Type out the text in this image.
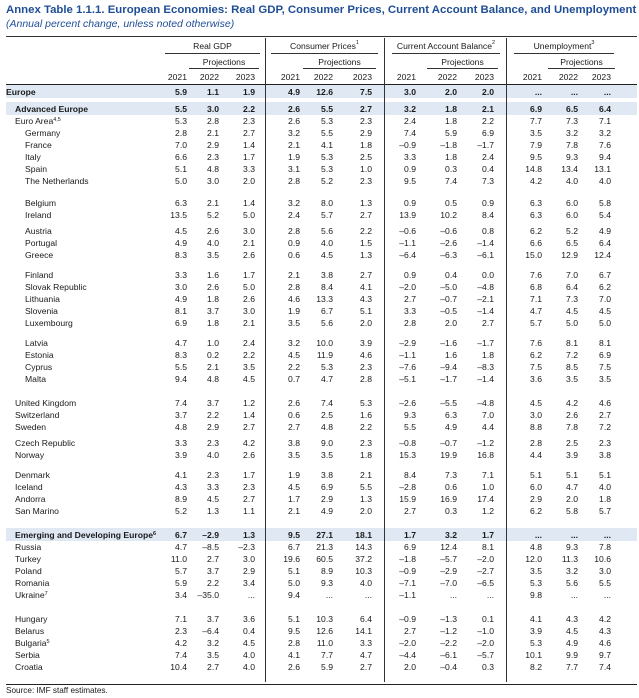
Annex Table 1.1.1. European Economies: Real GDP, Consumer Prices, Current Account Balance, and Unemployment
(Annual percent change, unless noted otherwise)
Real GDP
Projections
2021	2022	2023
Consumer Prices$^1$
Projections
2021	2022	2023
Current Account Balance$^2$
Projections
2021	2022	2023
Unemployment$^3$
Projections
2021	2022	2023
Europe	5.9	1.1	1.9	4.9	12.6	7.5	3.0	2.0	2.0	...	...	...
Advanced Europe	5.5	3.0	2.2	2.6	5.5	2.7	3.2	1.8	2.1	6.9	6.5	6.4
Euro Area$^{4,5}$	5.3	2.8	2.3	2.6	5.3	2.3	2.4	1.8	2.2	7.7	7.3	7.1
Germany	2.8	2.1	2.7	3.2	5.5	2.9	7.4	5.9	6.9	3.5	3.2	3.2
France	7.0	2.9	1.4	2.1	4.1	1.8	–0.9	–1.8	–1.7	7.9	7.8	7.6
Italy	6.6	2.3	1.7	1.9	5.3	2.5	3.3	1.8	2.4	9.5	9.3	9.4
Spain	5.1	4.8	3.3	3.1	5.3	1.0	0.9	0.3	0.4	14.8	13.4	13.1
The Netherlands	5.0	3.0	2.0	2.8	5.2	2.3	9.5	7.4	7.3	4.2	4.0	4.0
Belgium	6.3	2.1	1.4	3.2	8.0	1.3	0.9	0.5	0.9	6.3	6.0	5.8
Ireland	13.5	5.2	5.0	2.4	5.7	2.7	13.9	10.2	8.4	6.3	6.0	5.4
Austria	4.5	2.6	3.0	2.8	5.6	2.2	–0.6	–0.6	0.8	6.2	5.2	4.9
Portugal	4.9	4.0	2.1	0.9	4.0	1.5	–1.1	–2.6	–1.4	6.6	6.5	6.4
Greece	8.3	3.5	2.6	0.6	4.5	1.3	–6.4	–6.3	–6.1	15.0	12.9	12.4
Finland	3.3	1.6	1.7	2.1	3.8	2.7	0.9	0.4	0.0	7.6	7.0	6.7
Slovak Republic	3.0	2.6	5.0	2.8	8.4	4.1	–2.0	–5.0	–4.8	6.8	6.4	6.2
Lithuania	4.9	1.8	2.6	4.6	13.3	4.3	2.7	–0.7	–2.1	7.1	7.3	7.0
Slovenia	8.1	3.7	3.0	1.9	6.7	5.1	3.3	–0.5	–1.4	4.7	4.5	4.5
Luxembourg	6.9	1.8	2.1	3.5	5.6	2.0	2.8	2.0	2.7	5.7	5.0	5.0
Latvia	4.7	1.0	2.4	3.2	10.0	3.9	–2.9	–1.6	–1.7	7.6	8.1	8.1
Estonia	8.3	0.2	2.2	4.5	11.9	4.6	–1.1	1.6	1.8	6.2	7.2	6.9
Cyprus	5.5	2.1	3.5	2.2	5.3	2.3	–7.6	–9.4	–8.3	7.5	8.5	7.5
Malta	9.4	4.8	4.5	0.7	4.7	2.8	–5.1	–1.7	–1.4	3.6	3.5	3.5
United Kingdom	7.4	3.7	1.2	2.6	7.4	5.3	–2.6	–5.5	–4.8	4.5	4.2	4.6
Switzerland	3.7	2.2	1.4	0.6	2.5	1.6	9.3	6.3	7.0	3.0	2.6	2.7
Sweden	4.8	2.9	2.7	2.7	4.8	2.2	5.5	4.9	4.4	8.8	7.8	7.2
Czech Republic	3.3	2.3	4.2	3.8	9.0	2.3	–0.8	–0.7	–1.2	2.8	2.5	2.3
Norway	3.9	4.0	2.6	3.5	3.5	1.8	15.3	19.9	16.8	4.4	3.9	3.8
Denmark	4.1	2.3	1.7	1.9	3.8	2.1	8.4	7.3	7.1	5.1	5.1	5.1
Iceland	4.3	3.3	2.3	4.5	6.9	5.5	–2.8	0.6	1.0	6.0	4.7	4.0
Andorra	8.9	4.5	2.7	1.7	2.9	1.3	15.9	16.9	17.4	2.9	2.0	1.8
San Marino	5.2	1.3	1.1	2.1	4.9	2.0	2.7	0.3	1.2	6.2	5.8	5.7
Emerging and Developing Europe$^6$	6.7	–2.9	1.3	9.5	27.1	18.1	1.7	3.2	1.7	...	...	...
Russia	4.7	–8.5	–2.3	6.7	21.3	14.3	6.9	12.4	8.1	4.8	9.3	7.8
Turkey	11.0	2.7	3.0	19.6	60.5	37.2	–1.8	–5.7	–2.0	12.0	11.3	10.6
Poland	5.7	3.7	2.9	5.1	8.9	10.3	–0.9	–2.9	–2.7	3.5	3.2	3.0
Romania	5.9	2.2	3.4	5.0	9.3	4.0	–7.1	–7.0	–6.5	5.3	5.6	5.5
Ukraine$^7$	3.4	–35.0	...	9.4	...	...	–1.1	...	...	9.8	...	...
Hungary	7.1	3.7	3.6	5.1	10.3	6.4	–0.9	–1.3	0.1	4.1	4.3	4.2
Belarus	2.3	–6.4	0.4	9.5	12.6	14.1	2.7	–1.2	–1.0	3.9	4.5	4.3
Bulgaria$^5$	4.2	3.2	4.5	2.8	11.0	3.3	–2.0	–2.2	–2.0	5.3	4.9	4.6
Serbia	7.4	3.5	4.0	4.1	7.7	4.7	–4.4	–6.1	–5.7	10.1	9.9	9.7
Croatia	10.4	2.7	4.0	2.6	5.9	2.7	2.0	–0.4	0.3	8.2	7.7	7.4
Source: IMF staff estimates.
